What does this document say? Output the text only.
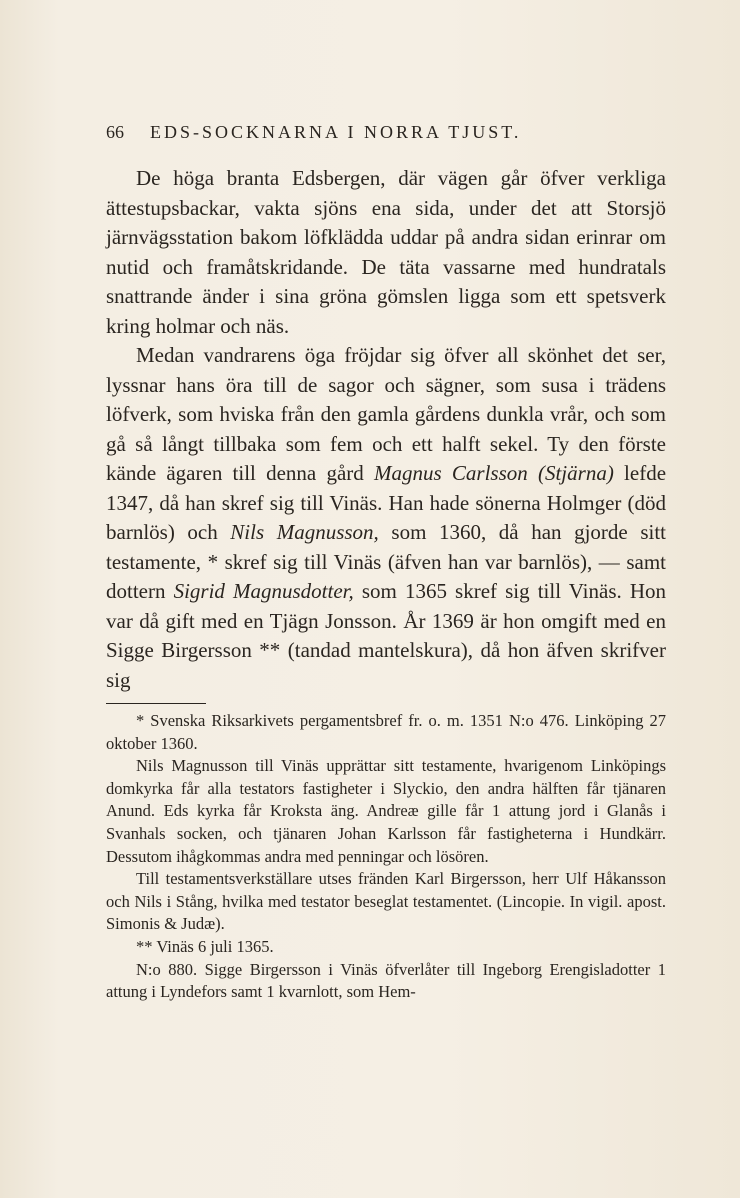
66 EDS-SOCKNARNA I NORRA TJUST.

De höga branta Edsbergen, där vägen går öfver verkliga ättestupsbackar, vakta sjöns ena sida, under det att Storsjö järnvägsstation bakom löfklädda uddar på andra sidan erinrar om nutid och framåtskridande. De täta vassarne med hundratals snattrande änder i sina gröna gömslen ligga som ett spetsverk kring holmar och näs.

Medan vandrarens öga fröjdar sig öfver all skönhet det ser, lyssnar hans öra till de sagor och sägner, som susa i trädens löfverk, som hviska från den gamla gårdens dunkla vrår, och som gå så långt tillbaka som fem och ett halft sekel. Ty den förste kände ägaren till denna gård Magnus Carlsson (Stjärna) lefde 1347, då han skref sig till Vinäs. Han hade sönerna Holmger (död barnlös) och Nils Magnusson, som 1360, då han gjorde sitt testamente, * skref sig till Vinäs (äfven han var barnlös), — samt dottern Sigrid Magnusdotter, som 1365 skref sig till Vinäs. Hon var då gift med en Tjägn Jonsson. År 1369 är hon omgift med en Sigge Birgersson ** (tandad mantelskura), då hon äfven skrifver sig

* Svenska Riksarkivets pergamentsbref fr. o. m. 1351 N:o 476. Linköping 27 oktober 1360.

Nils Magnusson till Vinäs upprättar sitt testamente, hvarigenom Linköpings domkyrka får alla testators fastigheter i Slyckio, den andra hälften får tjänaren Anund. Eds kyrka får Kroksta äng. Andreæ gille får 1 attung jord i Glanås i Svanhals socken, och tjänaren Johan Karlsson får fastigheterna i Hundkärr. Dessutom ihågkommas andra med penningar och lösören.

Till testamentsverkställare utses fränden Karl Birgersson, herr Ulf Håkansson och Nils i Stång, hvilka med testator beseglat testamentet. (Lincopie. In vigil. apost. Simonis & Judæ).

** Vinäs 6 juli 1365.

N:o 880. Sigge Birgersson i Vinäs öfverlåter till Ingeborg Erengisladotter 1 attung i Lyndefors samt 1 kvarnlott, som Hem-
